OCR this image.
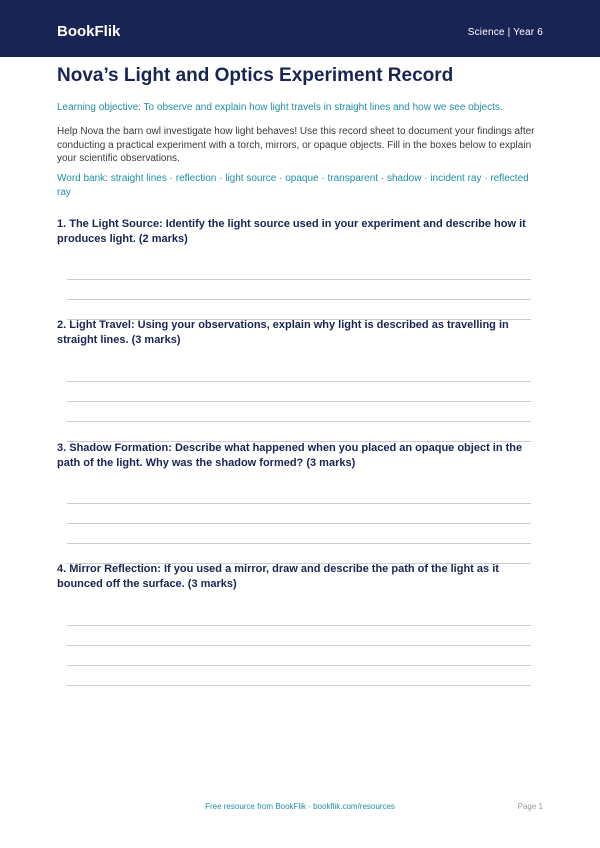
BookFlik	Science | Year 6
Nova’s Light and Optics Experiment Record
Learning objective: To observe and explain how light travels in straight lines and how we see objects.
Help Nova the barn owl investigate how light behaves! Use this record sheet to document your findings after conducting a practical experiment with a torch, mirrors, or opaque objects. Fill in the boxes below to explain your scientific observations.
Word bank: straight lines · reflection · light source · opaque · transparent · shadow · incident ray · reflected ray
1. The Light Source: Identify the light source used in your experiment and describe how it produces light. (2 marks)
2. Light Travel: Using your observations, explain why light is described as travelling in straight lines. (3 marks)
3. Shadow Formation: Describe what happened when you placed an opaque object in the path of the light. Why was the shadow formed? (3 marks)
4. Mirror Reflection: If you used a mirror, draw and describe the path of the light as it bounced off the surface. (3 marks)
Free resource from BookFlik · bookflik.com/resources	Page 1
